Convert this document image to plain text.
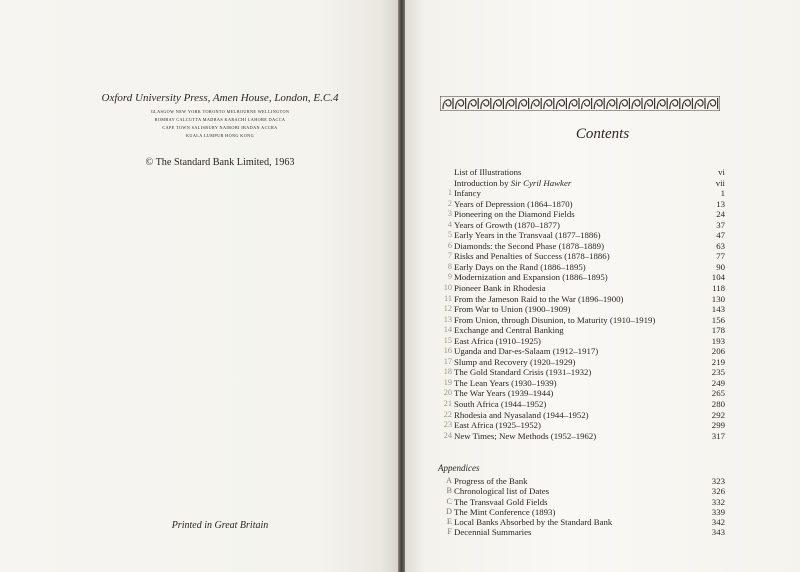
Oxford University Press, Amen House, London, E.C.4
GLASGOW NEW YORK TORONTO MELBOURNE WELLINGTON
BOMBAY CALCUTTA MADRAS KARACHI LAHORE DACCA
CAPE TOWN SALISBURY NAIROBI IBADAN ACCRA
KUALA LUMPUR HONG KONG
© The Standard Bank Limited, 1963
Printed in Great Britain
Contents
List of Illustrations	vi
Introduction by Sir Cyril Hawker	vii
1 Infancy	1
2 Years of Depression (1864–1870)	13
3 Pioneering on the Diamond Fields	24
4 Years of Growth (1870–1877)	37
5 Early Years in the Transvaal (1877–1886)	47
6 Diamonds: the Second Phase (1878–1889)	63
7 Risks and Penalties of Success (1878–1886)	77
8 Early Days on the Rand (1886–1895)	90
9 Modernization and Expansion (1886–1895)	104
10 Pioneer Bank in Rhodesia	118
11 From the Jameson Raid to the War (1896–1900)	130
12 From War to Union (1900–1909)	143
13 From Union, through Disunion, to Maturity (1910–1919)	156
14 Exchange and Central Banking	178
15 East Africa (1910–1925)	193
16 Uganda and Dar-es-Salaam (1912–1917)	206
17 Slump and Recovery (1920–1929)	219
18 The Gold Standard Crisis (1931–1932)	235
19 The Lean Years (1930–1939)	249
20 The War Years (1939–1944)	265
21 South Africa (1944–1952)	280
22 Rhodesia and Nyasaland (1944–1952)	292
23 East Africa (1925–1952)	299
24 New Times; New Methods (1952–1962)	317
Appendices
A Progress of the Bank	323
B Chronological list of Dates	326
C The Transvaal Gold Fields	332
D The Mint Conference (1893)	339
E Local Banks Absorbed by the Standard Bank	342
F Decennial Summaries	343
